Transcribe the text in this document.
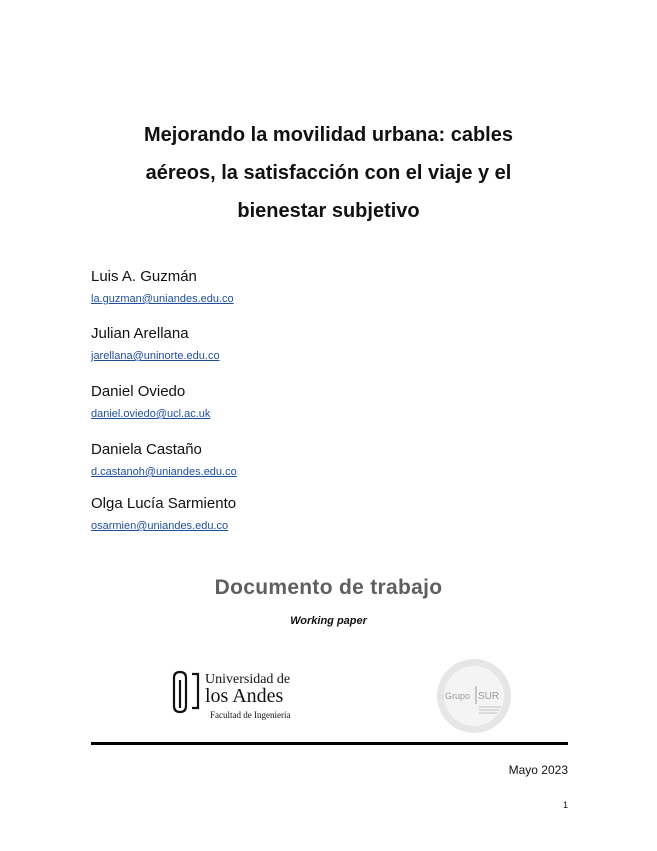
Mejorando la movilidad urbana: cables
aéreos, la satisfacción con el viaje y el
bienestar subjetivo
Luis A. Guzmán
la.guzman@uniandes.edu.co
Julian Arellana
jarellana@uninorte.edu.co
Daniel Oviedo
daniel.oviedo@ucl.ac.uk
Daniela Castaño
d.castanoh@uniandes.edu.co
Olga Lucía Sarmiento
osarmien@uniandes.edu.co
Documento de trabajo
Working paper
Universidad de
los Andes
Facultad de Ingeniería
Grupo SUR
Mayo 2023
1
